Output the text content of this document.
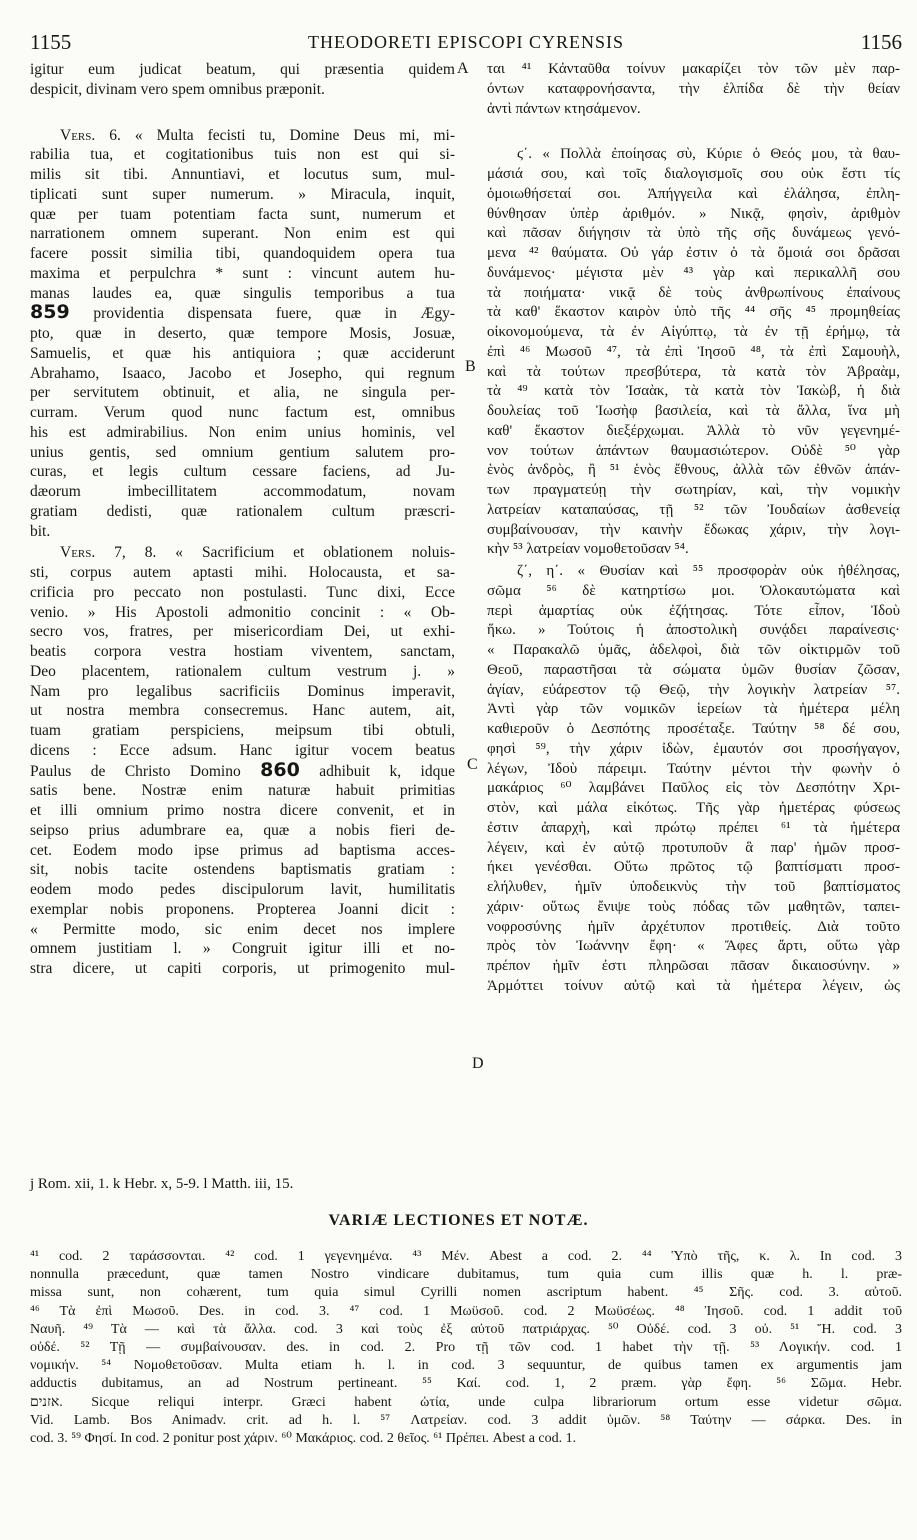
1155	THEODORETI EPISCOPI CYRENSIS	1156
A
B
C
D
igitur eum judicat beatum, qui præsentia quidem
despicit, divinam vero spem omnibus præponit.
Vers. 6. « Multa fecisti tu, Domine Deus mi, mi-
rabilia tua, et cogitationibus tuis non est qui si-
milis sit tibi. Annuntiavi, et locutus sum, mul-
tiplicati sunt super numerum. » Miracula, inquit,
quæ per tuam potentiam facta sunt, numerum et
narrationem omnem superant. Non enim est qui
facere possit similia tibi, quandoquidem opera tua
maxima et perpulchra * sunt : vincunt autem hu-
manas laudes ea, quæ singulis temporibus a tua
859 providentia dispensata fuere, quæ in Ægy-
pto, quæ in deserto, quæ tempore Mosis, Josuæ,
Samuelis, et quæ his antiquiora ; quæ acciderunt
Abrahamo, Isaaco, Jacobo et Josepho, qui regnum
per servitutem obtinuit, et alia, ne singula per-
curram. Verum quod nunc factum est, omnibus
his est admirabilius. Non enim unius hominis, vel
unius gentis, sed omnium gentium salutem pro-
curas, et legis cultum cessare faciens, ad Ju-
dæorum imbecillitatem accommodatum, novam
gratiam dedisti, quæ rationalem cultum præscri-
bit.
Vers. 7, 8. « Sacrificium et oblationem noluis-
sti, corpus autem aptasti mihi. Holocausta, et sa-
crificia pro peccato non postulasti. Tunc dixi, Ecce
venio. » His Apostoli admonitio concinit : « Ob-
secro vos, fratres, per misericordiam Dei, ut exhi-
beatis corpora vestra hostiam viventem, sanctam,
Deo placentem, rationalem cultum vestrum j. »
Nam pro legalibus sacrificiis Dominus imperavit,
ut nostra membra consecremus. Hanc autem, ait,
tuam gratiam perspiciens, meipsum tibi obtuli,
dicens : Ecce adsum. Hanc igitur vocem beatus
Paulus de Christo Domino 860 adhibuit k, idque
satis bene. Nostræ enim naturæ habuit primitias
et illi omnium primo nostra dicere convenit, et in
seipso prius adumbrare ea, quæ a nobis fieri de-
cet. Eodem modo ipse primus ad baptisma acces-
sit, nobis tacite ostendens baptismatis gratiam :
eodem modo pedes discipulorum lavit, humilitatis
exemplar nobis proponens. Propterea Joanni dicit :
« Permitte modo, sic enim decet nos implere
omnem justitiam l. » Congruit igitur illi et no-
stra dicere, ut capiti corporis, ut primogenito mul-
ται ⁴¹ Κἀνταῦθα τοίνυν μακαρίζει τὸν τῶν μὲν παρ-
όντων καταφρονήσαντα, τὴν ἐλπίδα δὲ τὴν θείαν
ἀντὶ πάντων κτησάμενον.
ϛ΄. « Πολλὰ ἐποίησας σὺ, Κύριε ὁ Θεός μου, τὰ θαυ-
μάσιά σου, καὶ τοῖς διαλογισμοῖς σου οὐκ ἔστι τίς
ὁμοιωθήσεταί σοι. Ἀπήγγειλα καὶ ἐλάλησα, ἐπλη-
θύνθησαν ὑπὲρ ἀριθμόν. » Νικᾷ, φησὶν, ἀριθμὸν
καὶ πᾶσαν διήγησιν τὰ ὑπὸ τῆς σῆς δυνάμεως γενό-
μενα ⁴² θαύματα. Οὐ γάρ ἐστιν ὁ τὰ ὅμοιά σοι δρᾶσαι
δυνάμενος· μέγιστα μὲν ⁴³ γὰρ καὶ περικαλλῆ σου
τὰ ποιήματα· νικᾷ δὲ τοὺς ἀνθρωπίνους ἐπαίνους
τὰ καθ' ἕκαστον καιρὸν ὑπὸ τῆς ⁴⁴ σῆς ⁴⁵ προμηθείας
οἰκονομούμενα, τὰ ἐν Αἰγύπτῳ, τὰ ἐν τῇ ἐρήμῳ, τὰ
ἐπὶ ⁴⁶ Μωσοῦ ⁴⁷, τὰ ἐπὶ Ἰησοῦ ⁴⁸, τὰ ἐπὶ Σαμουὴλ,
καὶ τὰ τούτων πρεσβύτερα, τὰ κατὰ τὸν Ἀβραὰμ,
τὰ ⁴⁹ κατὰ τὸν Ἰσαὰκ, τὰ κατὰ τὸν Ἰακὼβ, ἡ διὰ
δουλείας τοῦ Ἰωσὴφ βασιλεία, καὶ τὰ ἄλλα, ἵνα μὴ
καθ' ἕκαστον διεξέρχωμαι. Ἀλλὰ τὸ νῦν γεγενημέ-
νον τούτων ἁπάντων θαυμασιώτερον. Οὐδὲ ⁵⁰ γὰρ
ἑνὸς ἀνδρὸς, ἢ ⁵¹ ἑνὸς ἔθνους, ἀλλὰ τῶν ἐθνῶν ἁπάν-
των πραγματεύῃ τὴν σωτηρίαν, καὶ, τὴν νομικὴν
λατρείαν καταπαύσας, τῇ ⁵² τῶν Ἰουδαίων ἀσθενείᾳ
συμβαίνουσαν, τὴν καινὴν ἔδωκας χάριν, τὴν λογι-
κὴν ⁵³ λατρείαν νομοθετοῦσαν ⁵⁴.
ζ΄, η΄. « Θυσίαν καὶ ⁵⁵ προσφορὰν οὐκ ἠθέλησας,
σῶμα ⁵⁶ δὲ κατηρτίσω μοι. Ὁλοκαυτώματα καὶ
περὶ ἁμαρτίας οὐκ ἐζήτησας. Τότε εἶπον, Ἰδοὺ
ἥκω. » Τούτοις ἡ ἀποστολικὴ συνᾴδει παραίνεσις·
« Παρακαλῶ ὑμᾶς, ἀδελφοὶ, διὰ τῶν οἰκτιρμῶν τοῦ
Θεοῦ, παραστῆσαι τὰ σώματα ὑμῶν θυσίαν ζῶσαν,
ἁγίαν, εὐάρεστον τῷ Θεῷ, τὴν λογικὴν λατρείαν ⁵⁷.
Ἀντὶ γὰρ τῶν νομικῶν ἱερείων τὰ ἡμέτερα μέλη
καθιεροῦν ὁ Δεσπότης προσέταξε. Ταύτην ⁵⁸ δέ σου,
φησὶ ⁵⁹, τὴν χάριν ἰδὼν, ἐμαυτόν σοι προσήγαγον,
λέγων, Ἰδοὺ πάρειμι. Ταύτην μέντοι τὴν φωνὴν ὁ
μακάριος ⁶⁰ λαμβάνει Παῦλος εἰς τὸν Δεσπότην Χρι-
στὸν, καὶ μάλα εἰκότως. Τῆς γὰρ ἡμετέρας φύσεως
ἐστιν ἀπαρχὴ, καὶ πρώτῳ πρέπει ⁶¹ τὰ ἡμέτερα
λέγειν, καὶ ἐν αὐτῷ προτυποῦν ἃ παρ' ἡμῶν προσ-
ήκει γενέσθαι. Οὕτω πρῶτος τῷ βαπτίσματι προσ-
ελήλυθεν, ἡμῖν ὑποδεικνὺς τὴν τοῦ βαπτίσματος
χάριν· οὕτως ἔνιψε τοὺς πόδας τῶν μαθητῶν, ταπει-
νοφροσύνης ἡμῖν ἀρχέτυπον προτιθείς. Διὰ τοῦτο
πρὸς τὸν Ἰωάννην ἔφη· « Ἄφες ἄρτι, οὕτω γὰρ
πρέπον ἡμῖν ἐστι πληρῶσαι πᾶσαν δικαιοσύνην. »
Ἁρμόττει τοίνυν αὐτῷ καὶ τὰ ἡμέτερα λέγειν, ὡς
j Rom. xii, 1. k Hebr. x, 5-9. l Matth. iii, 15.
VARIÆ LECTIONES ET NOTÆ.
⁴¹ cod. 2 ταράσσονται. ⁴² cod. 1 γεγενημένα. ⁴³ Μέν. Abest a cod. 2. ⁴⁴ Ὑπὸ τῆς, κ. λ. In cod. 3
nonnulla præcedunt, quæ tamen Nostro vindicare dubitamus, tum quia cum illis quæ h. l. præ-
missa sunt, non cohærent, tum quia simul Cyrilli nomen ascriptum habent. ⁴⁵ Σῆς. cod. 3. αὐτοῦ.
⁴⁶ Τὰ ἐπὶ Μωσοῦ. Des. in cod. 3. ⁴⁷ cod. 1 Μωϋσοῦ. cod. 2 Μωϋσέως. ⁴⁸ Ἰησοῦ. cod. 1 addit τοῦ
Ναυῆ. ⁴⁹ Τὰ — καὶ τὰ ἄλλα. cod. 3 καὶ τοὺς ἐξ αὐτοῦ πατριάρχας. ⁵⁰ Οὐδέ. cod. 3 οὐ. ⁵¹ Ἤ. cod. 3
οὐδέ. ⁵² Τῇ — συμβαίνουσαν. des. in cod. 2. Pro τῇ τῶν cod. 1 habet τὴν τῇ. ⁵³ Λογικήν. cod. 1
νομικήν. ⁵⁴ Νομοθετοῦσαν. Multa etiam h. l. in cod. 3 sequuntur, de quibus tamen ex argumentis jam
adductis dubitamus, an ad Nostrum pertineant. ⁵⁵ Καί. cod. 1, 2 præm. γὰρ ἔφη. ⁵⁶ Σῶμα. Hebr.
אזנים. Sicque reliqui interpr. Græci habent ὠτία, unde culpa librariorum ortum esse videtur σῶμα.
Vid. Lamb. Bos Animadv. crit. ad h. l. ⁵⁷ Λατρείαν. cod. 3 addit ὑμῶν. ⁵⁸ Ταύτην — σάρκα. Des. in
cod. 3. ⁵⁹ Φησί. In cod. 2 ponitur post χάριν. ⁶⁰ Μακάριος. cod. 2 θεῖος. ⁶¹ Πρέπει. Abest a cod. 1.
